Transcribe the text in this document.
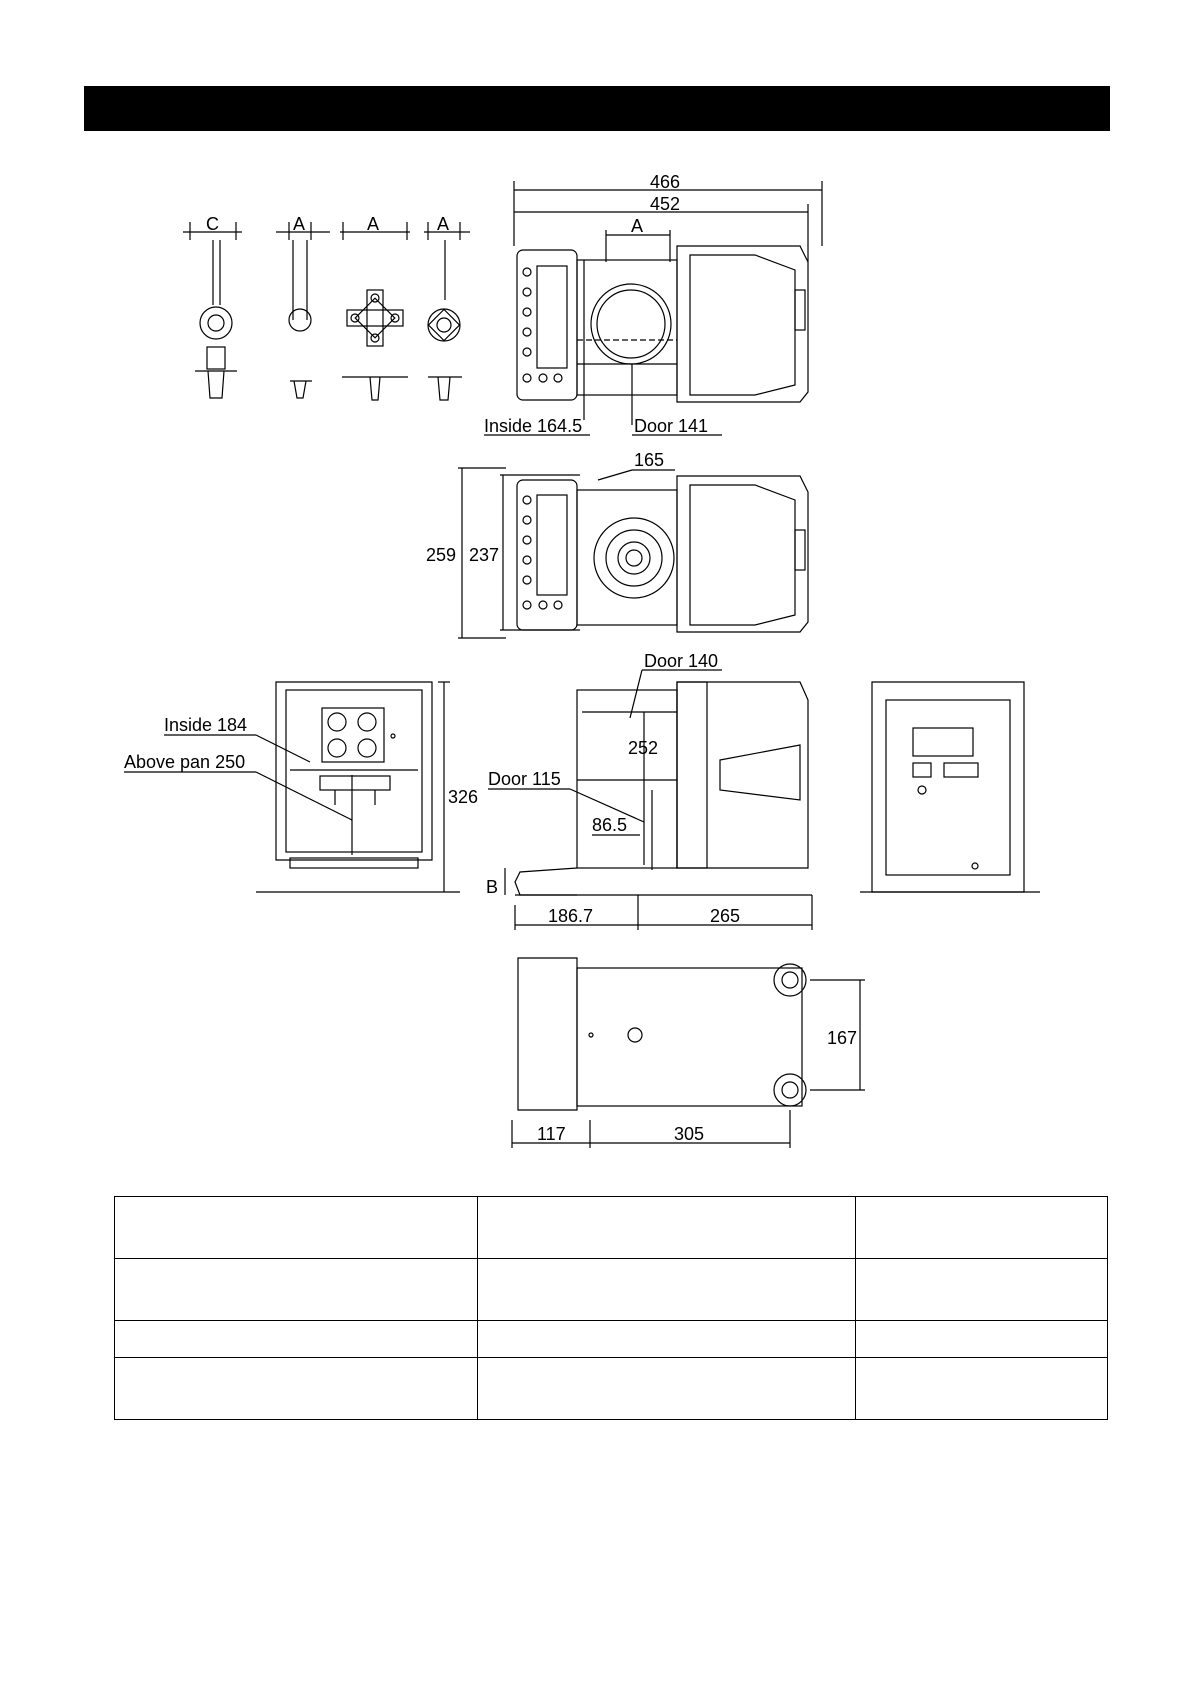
C	A	A	A
466
452
A
Inside 164.5	Door 141
259 237
165
Inside 184
Above pan 250
326
Door 140
252
Door 115
86.5
B
186.7	265
167
117	305
